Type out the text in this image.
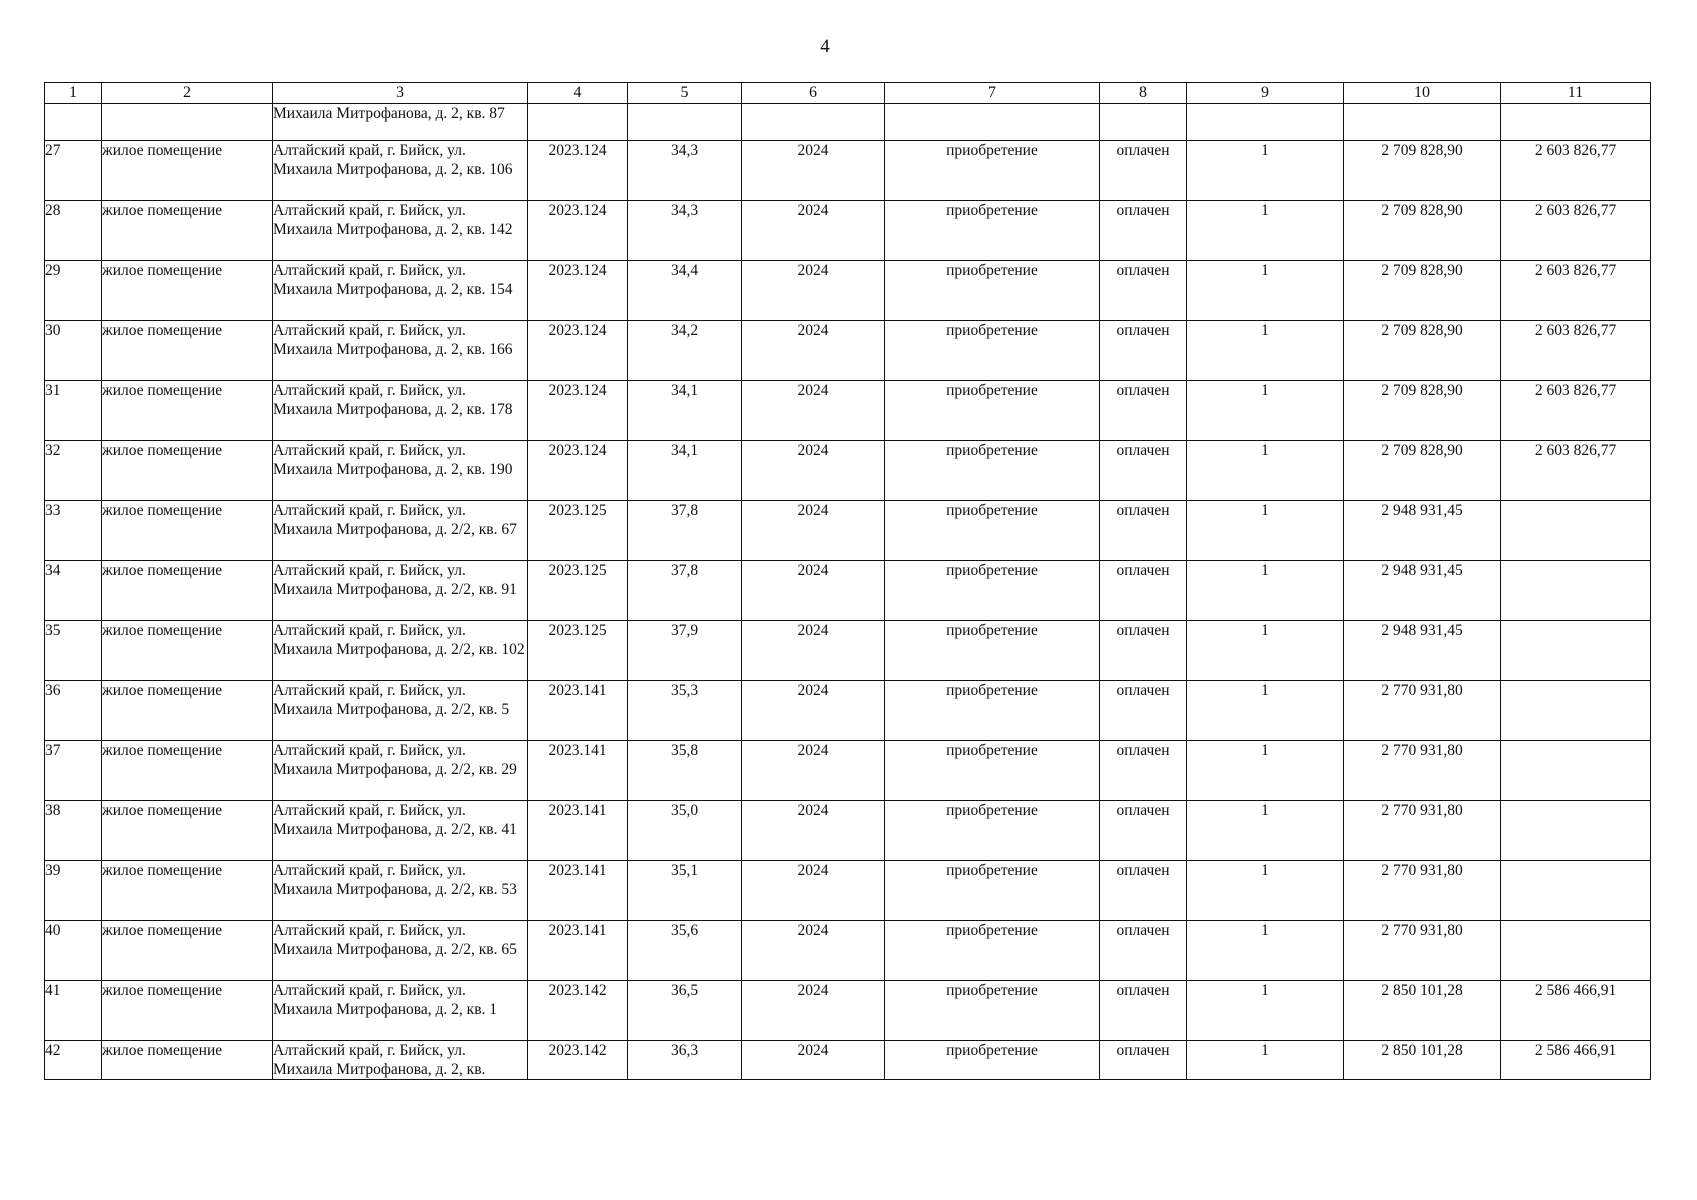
4
1	2	3	4	5	6	7	8	9	10	11
		Михаила Митрофанова, д. 2, кв. 87								
27	жилое помещение	Алтайский край, г. Бийск, ул. Михаила Митрофанова, д. 2, кв. 106	2023.124	34,3	2024	приобретение	оплачен	1	2 709 828,90	2 603 826,77
28	жилое помещение	Алтайский край, г. Бийск, ул. Михаила Митрофанова, д. 2, кв. 142	2023.124	34,3	2024	приобретение	оплачен	1	2 709 828,90	2 603 826,77
29	жилое помещение	Алтайский край, г. Бийск, ул. Михаила Митрофанова, д. 2, кв. 154	2023.124	34,4	2024	приобретение	оплачен	1	2 709 828,90	2 603 826,77
30	жилое помещение	Алтайский край, г. Бийск, ул. Михаила Митрофанова, д. 2, кв. 166	2023.124	34,2	2024	приобретение	оплачен	1	2 709 828,90	2 603 826,77
31	жилое помещение	Алтайский край, г. Бийск, ул. Михаила Митрофанова, д. 2, кв. 178	2023.124	34,1	2024	приобретение	оплачен	1	2 709 828,90	2 603 826,77
32	жилое помещение	Алтайский край, г. Бийск, ул. Михаила Митрофанова, д. 2, кв. 190	2023.124	34,1	2024	приобретение	оплачен	1	2 709 828,90	2 603 826,77
33	жилое помещение	Алтайский край, г. Бийск, ул. Михаила Митрофанова, д. 2/2, кв. 67	2023.125	37,8	2024	приобретение	оплачен	1	2 948 931,45	
34	жилое помещение	Алтайский край, г. Бийск, ул. Михаила Митрофанова, д. 2/2, кв. 91	2023.125	37,8	2024	приобретение	оплачен	1	2 948 931,45	
35	жилое помещение	Алтайский край, г. Бийск, ул. Михаила Митрофанова, д. 2/2, кв. 102	2023.125	37,9	2024	приобретение	оплачен	1	2 948 931,45	
36	жилое помещение	Алтайский край, г. Бийск, ул. Михаила Митрофанова, д. 2/2, кв. 5	2023.141	35,3	2024	приобретение	оплачен	1	2 770 931,80	
37	жилое помещение	Алтайский край, г. Бийск, ул. Михаила Митрофанова, д. 2/2, кв. 29	2023.141	35,8	2024	приобретение	оплачен	1	2 770 931,80	
38	жилое помещение	Алтайский край, г. Бийск, ул. Михаила Митрофанова, д. 2/2, кв. 41	2023.141	35,0	2024	приобретение	оплачен	1	2 770 931,80	
39	жилое помещение	Алтайский край, г. Бийск, ул. Михаила Митрофанова, д. 2/2, кв. 53	2023.141	35,1	2024	приобретение	оплачен	1	2 770 931,80	
40	жилое помещение	Алтайский край, г. Бийск, ул. Михаила Митрофанова, д. 2/2, кв. 65	2023.141	35,6	2024	приобретение	оплачен	1	2 770 931,80	
41	жилое помещение	Алтайский край, г. Бийск, ул. Михаила Митрофанова, д. 2, кв. 1	2023.142	36,5	2024	приобретение	оплачен	1	2 850 101,28	2 586 466,91
42	жилое помещение	Алтайский край, г. Бийск, ул. Михаила Митрофанова, д. 2, кв.	2023.142	36,3	2024	приобретение	оплачен	1	2 850 101,28	2 586 466,91
